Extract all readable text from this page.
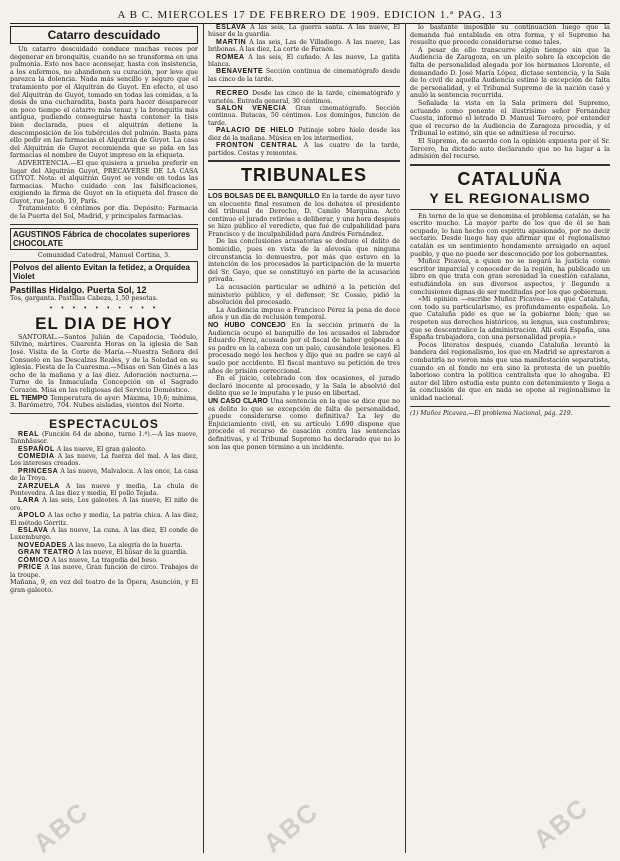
A B C. MIERCOLES 17 DE FEBRERO DE 1909. EDICION 1.ª PAG. 13
Catarro descuidado

Un catarro descuidado conduce muchas veces por degenerar en bronquitis, cuando no se transforma en una pulmonía. Esto nos hace aconsejar, hasta con insistencia, a los enfermos, no abandonen su curación, por leve que parezca la dolencia. Nada más sencillo y seguro que el tratamiento por el Alquitrán de Guyot. En efecto, el uso del Alquitrán de Guyot, tomado en todas las comidas, a la dosis de una cucharadita, basta para hacer desaparecer en poco tiempo el catarro más tenaz y la bronquitis más antigua, pudiendo conseguirse hasta contener la tisis bien declarada, pues el alquitrán detiene la descomposición de los tubérculos del pulmón. Basta para ello pedir en las farmacias el Alquitrán de Guyot. La casa del Alquitrán de Guyot recomienda que se pida en las farmacias el nombre de Guyot impreso en la etiqueta.

ADVERTENCIA.—El que quisiera a prueba preferir en lugar del Alquitrán Guyot, PRECAVERSE DE LA CASA GUYOT. Nota: el alquitrán Guyot se vende en todas las farmacias. Mucho cuidado con las falsificaciones, exigiendo la firma de Guyot en la etiqueta del frasco de Guyot, rue Jacob, 19, París.

Tratamiento: 6 céntimos por día. Depósito: Farmacia de la Puerta del Sol, Madrid, y principales farmacias.

AGUSTINOS Fábrica de chocolates superiores CHOCOLATE

Comunidad Catedral, Manuel Cortina, 3.

Polvos del aliento Evitan la fetidez, a Orquídea Violet
Pastillas Hidalgo. Puerta Sol, 12

Tos, garganta. Pastillas Cabeza, 1,50 pesetas.

• • • • • • • • • •
EL DIA DE HOY

SANTORAL.—Santos Julián de Capadocia, Teódulo, Silvino, mártires. Cuarenta Horas en la iglesia de San José. Visita de la Corte de María.—Nuestra Señora del Consuelo en las Descalzas Reales, y de la Soledad en su iglesia. Fiesta de la Cuaresma.—Misas en San Ginés a las ocho de la mañana y a las diez. Adoración nocturna.—Turno de la Inmaculada Concepción en el Sagrado Corazón. Misa en las religiosas del Servicio Doméstico.

EL TIEMPO Temperatura de ayer: Máxima, 10,6; mínima, 3. Barómetro, 704. Nubes aisladas, vientos del Norte.

ESPECTACULOS

REAL (Función 64 de abono, turno 1.º).—A las nueve, Tannhäuser.

ESPAÑOL A las nueve, El gran galeoto.

COMEDIA A las nueve, La fuerza del mal. A las diez, Los intereses creados.

PRINCESA A las nueve, Malvaloca. A las once, La casa de la Troya.

ZARZUELA A las nueve y media, La chula de Pontevedra. A las diez y media, El pollo Tejada.

LARA A las seis, Los galeotes. A las nueve, El niño de oro.

APOLO A las ocho y media, La patria chica. A las diez, El método Górritz.

ESLAVA A las nueve, La cuna. A las diez, El conde de Luxemburgo.

NOVEDADES A las nueve, La alegría de la huerta.

GRAN TEATRO A las nueve, El húsar de la guardia.

CÓMICO A las nueve, La tragedia del beso.

PRICE A las nueve, Gran función de circo. Trabajos de la troupe.

Mañana, 9, en vez del teatro de la Ópera, Asunción, y El gran galeoto.

ESLAVA A las seis, La guerra santa. A las nueve, El húsar de la guardia.

MARTIN A las seis, Las de Villadiego. A las nueve, Las bribonas. A las diez, La corte de Faraón.

ROMEA A las seis, El cuñado. A las nueve, La gatita blanca.

BENAVENTE Sección continua de cinematógrafo desde las cinco de la tarde.

RECREO Desde las cinco de la tarde, cinematógrafo y varietés. Entrada general, 30 céntimos.

SALON VENECIA Gran cinematógrafo. Sección continua. Butacas, 50 céntimos. Los domingos, función de tarde.

PALACIO DE HIELO Patinaje sobre hielo desde las diez de la mañana. Música en los intermedios.

FRONTON CENTRAL A las cuatro de la tarde, partidos. Cestas y remontes.

TRIBUNALES

LOS BOLSAS DE EL BANQUILLO En la tarde de ayer tuvo un elocuente final resumen de los debates el presidente del tribunal de Derecho, D. Camilo Marquina. Acto continuo el jurado retiróse a deliberar, y una hora después se hizo público el veredicto, que fué de culpabilidad para Francisco y de inculpabilidad para Andrés Fernández.

De las conclusiones acusatorias se deduce el delito de homicidio, pues en vista de la alevosía que ninguna circunstancia lo demuestra, por más que estuvo en la intención de los procesados la participación de la muerte del Sr. Gayo, que se constituyó en parte de la acusación privada.

La acusación particular se adhirió a la petición del ministerio público, y el defensor, Sr. Cossío, pidió la absolución del procesado.

La Audiencia impuso a Francisco Pérez la pena de doce años y un día de reclusión temporal.

NO HUBO CONCEJO En la sección primera de la Audiencia ocupó el banquillo de los acusados el labrador Eduardo Pérez, acusado por el fiscal de haber golpeado a su padre en la cabeza con un palo, causándole lesiones. El procesado negó los hechos y dijo que su padre se cayó al suelo por accidente. El fiscal mantuvo su petición de tres años de prisión correccional.

En el juicio, celebrado con dos ocasiones, el jurado declaró inocente al procesado, y la Sala le absolvió del delito que se le imputaba y le puso en libertad.

UN CASO CLARO Una sentencia en la que se dice que no es delito lo que se excepción de falta de personalidad, ¿puede considerarse como definitiva? La ley de Enjuiciamiento civil, en su artículo 1.690 dispone que procede el recurso de casación contra las sentencias definitivas, y el Tribunal Supremo ha declarado que no lo son las que ponen término a un incidente.

lo bastante imposible su continuación luego que la demanda fué entablada en otra forma, y el Supremo ha resuelto que procede considerarse como tales.

A pesar de ello transcurre algún tiempo sin que la Audiencia de Zaragoza, en un pleito sobre la excepción de falta de personalidad alegada por los hermanos Llorente, el demandado D. José María López, dictase sentencia, y la Sala de lo civil de aquella Audiencia estimó la excepción de falta de personalidad, y el Tribunal Supremo de la nación casó y anuló la sentencia recurrida.

Señalada la vista en la Sala primera del Supremo, actuando como ponente el ilustrísimo señor Fernández Cuesta, informó el letrado D. Manuel Tercero, por entender que el recurso de la Audiencia de Zaragoza procedía, y el Tribunal lo estimó, sin que se admitiese el recurso.

El Supremo, de acuerdo con la opinión expuesta por el Sr. Tercero, ha dictado auto declarando que no ha lugar a la admisión del recurso.

CATALUÑA
Y EL REGIONALISMO

En torno de lo que se denomina el problema catalán, se ha escrito mucho. La mayor parte de los que de él se han ocupado, lo han hecho con espíritu apasionado, por no decir sectario. Desde luego hay que afirmar que el regionalismo catalán es un sentimiento hondamente arraigado en aquel pueblo, y que no puede ser desconocido por los gobernantes.

Muñoz Picavea, a quien no se negará la justicia como escritor imparcial y conocedor de la región, ha publicado un libro en que trata con gran serenidad la cuestión catalana, estudiándola en sus diversos aspectos, y llegando a conclusiones dignas de ser meditadas por los que gobiernan.

«Mi opinión —escribe Muñoz Picavea— es que Cataluña, con todo su particularismo, es profundamente española. Lo que Cataluña pide es que se la gobierne bien; que se respeten sus derechos históricos, su lengua, sus costumbres; que se descentralice la administración. Allí está España, una España trabajadora, con una personalidad propia.»

Pocos literatos después, cuando Cataluña levantó la bandera del regionalismo, los que en Madrid se aprestaron a combatirla no vieron más que una manifestación separatista, cuando en el fondo no era sino la protesta de un pueblo laborioso contra la política centralista que lo ahogaba. El autor del libro estudia este punto con detenimiento y llega a la conclusión de que en nada se opone al regionalismo la unidad nacional.

(1) Muñoz Picavea.—El problema Nacional, pág. 219.

ABC	ABC	ABC
